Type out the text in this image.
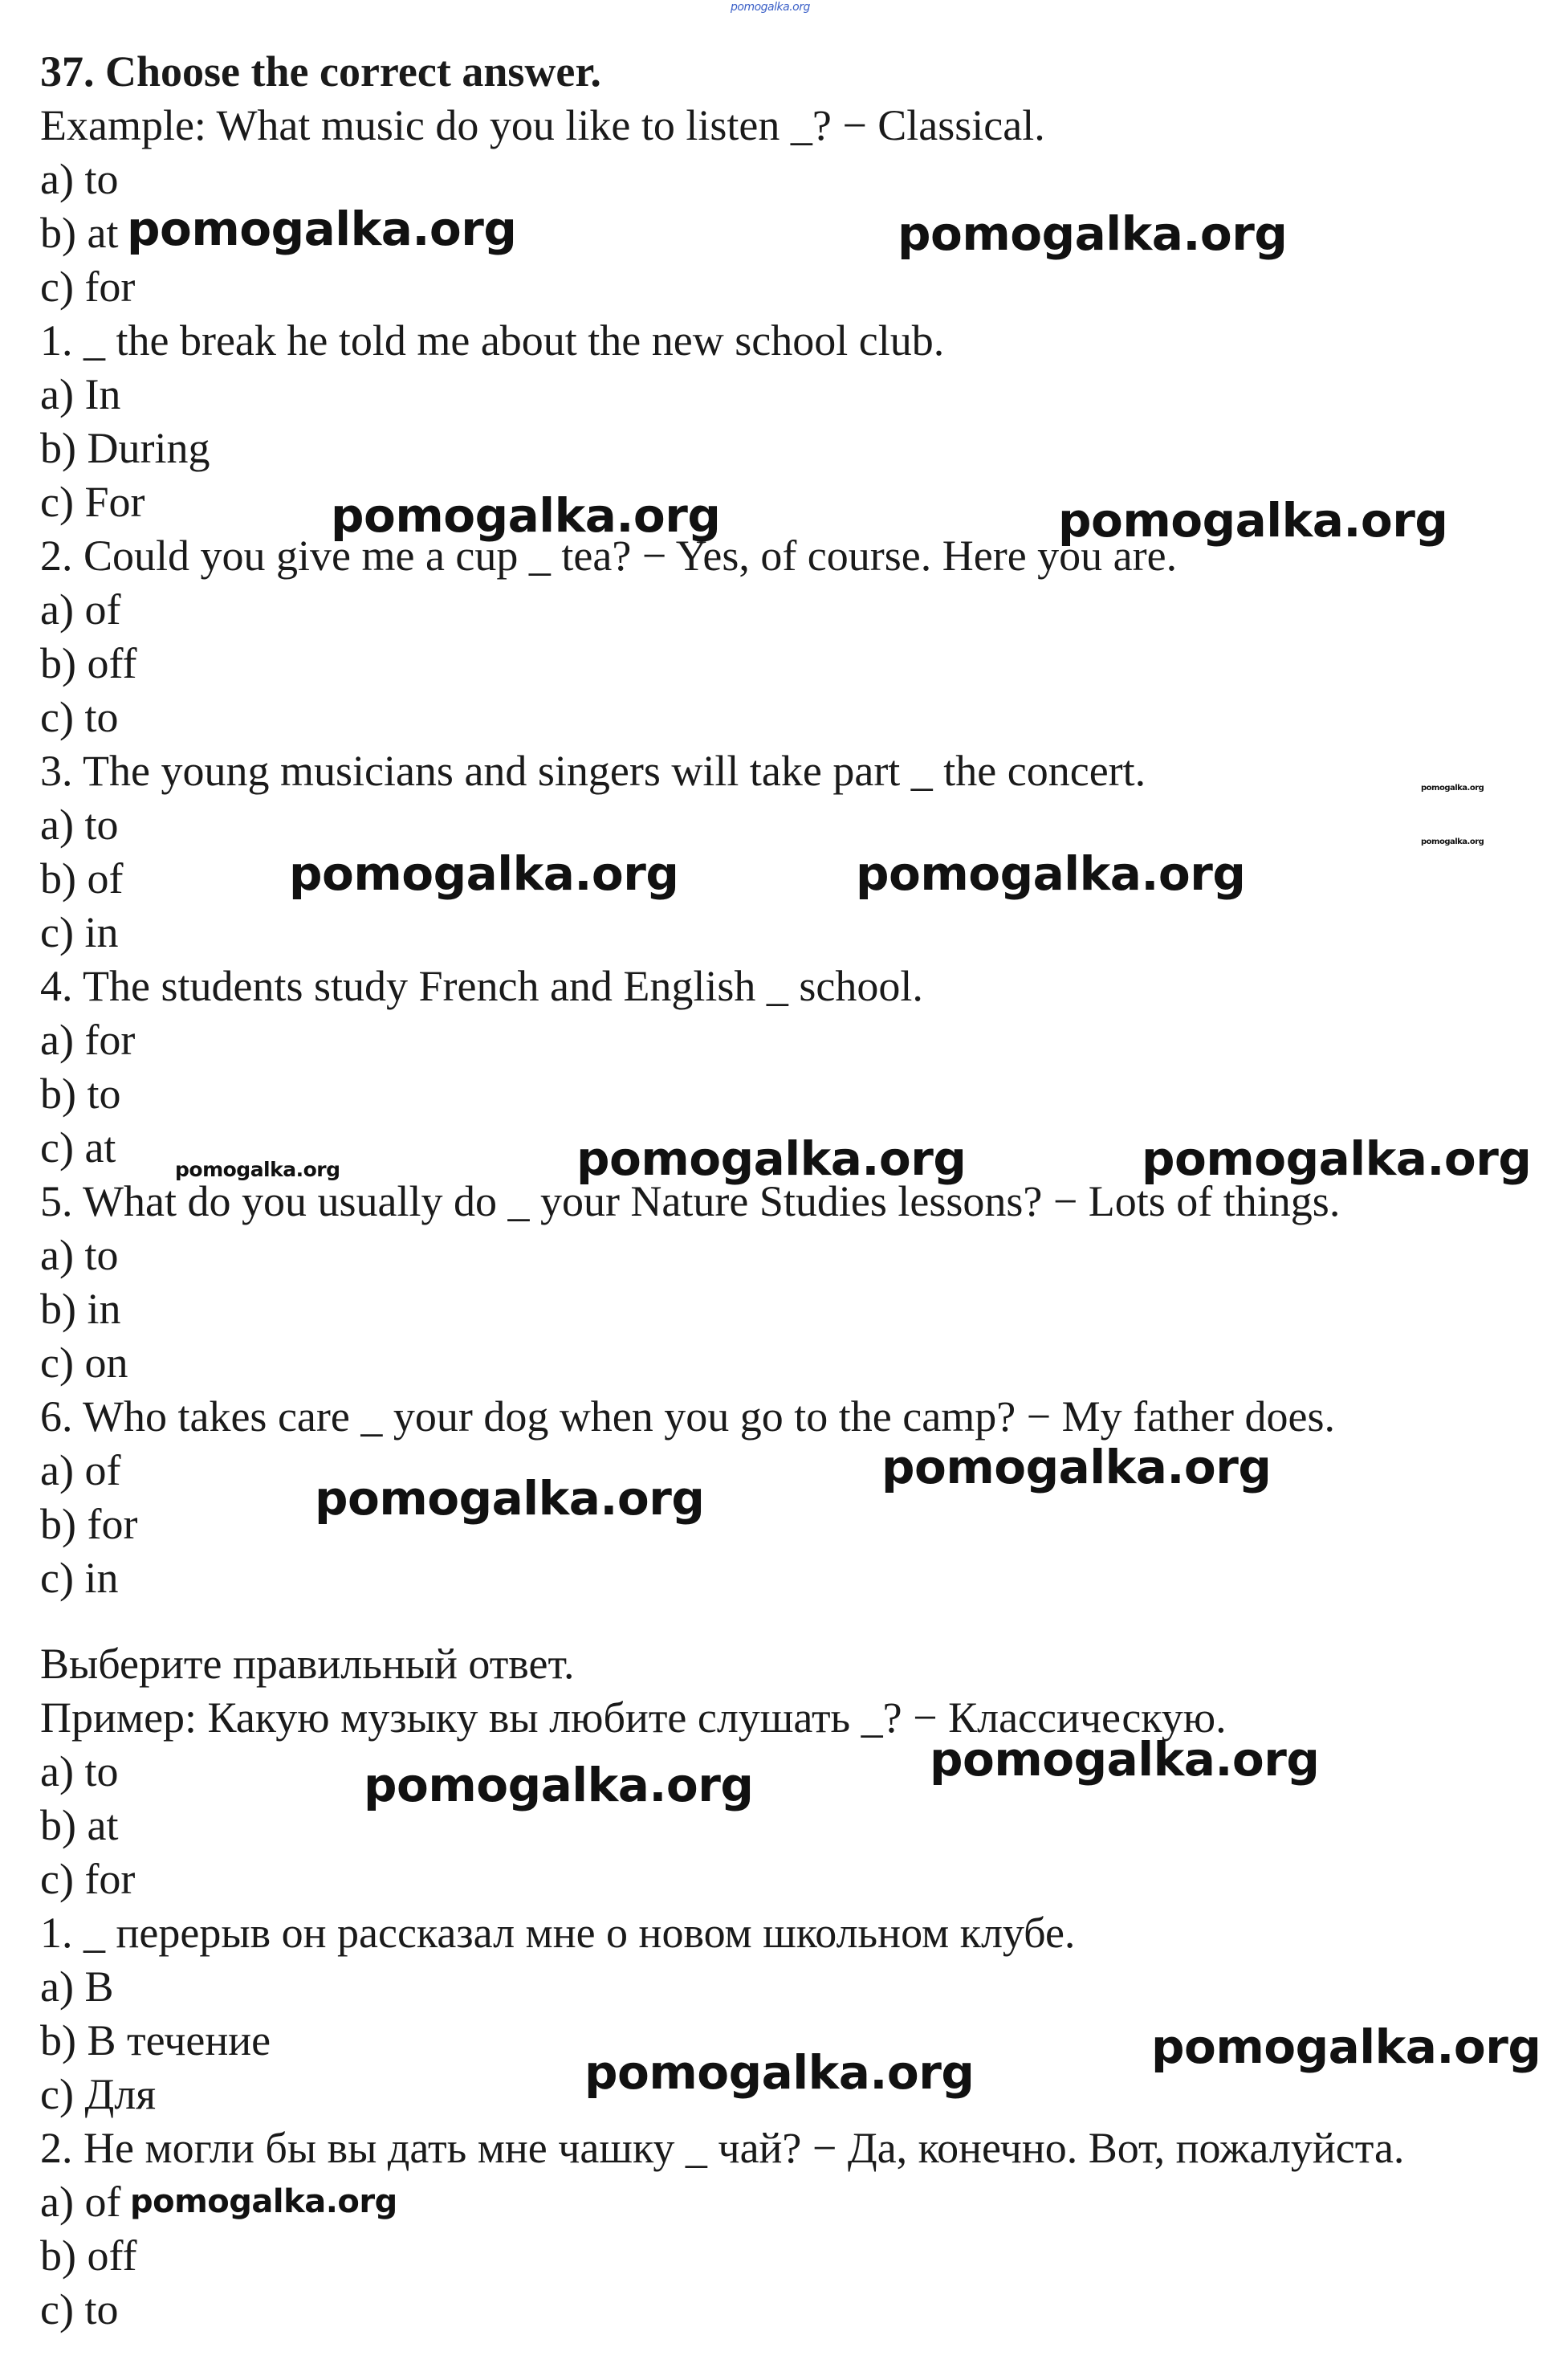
pomogalka.org
37. Choose the correct answer.
Example: What music do you like to listen _? − Classical.
a) to
b) at
c) for
1. _ the break he told me about the new school club.
a) In
b) During
c) For
2. Could you give me a cup _ tea? − Yes, of course. Here you are.
a) of
b) off
c) to
3. The young musicians and singers will take part _ the concert.
a) to
b) of
c) in
4. The students study French and English _ school.
a) for
b) to
c) at
5. What do you usually do _ your Nature Studies lessons? − Lots of things.
a) to
b) in
c) on
6. Who takes care _ your dog when you go to the camp? − My father does.
a) of
b) for
c) in
Выберите правильный ответ.
Пример: Какую музыку вы любите слушать _? − Классическую.
a) to
b) at
c) for
1. _ перерыв он рассказал мне о новом школьном клубе.
a) В
b) В течение
c) Для
2. Не могли бы вы дать мне чашку _ чай? − Да, конечно. Вот, пожалуйста.
a) of
b) off
c) to
pomogalka.org	pomogalka.org
pomogalka.org	pomogalka.org
pomogalka.org
pomogalka.org
pomogalka.org	pomogalka.org
pomogalka.org	pomogalka.org	pomogalka.org
pomogalka.org
pomogalka.org
pomogalka.org
pomogalka.org
pomogalka.org
pomogalka.org
pomogalka.org
